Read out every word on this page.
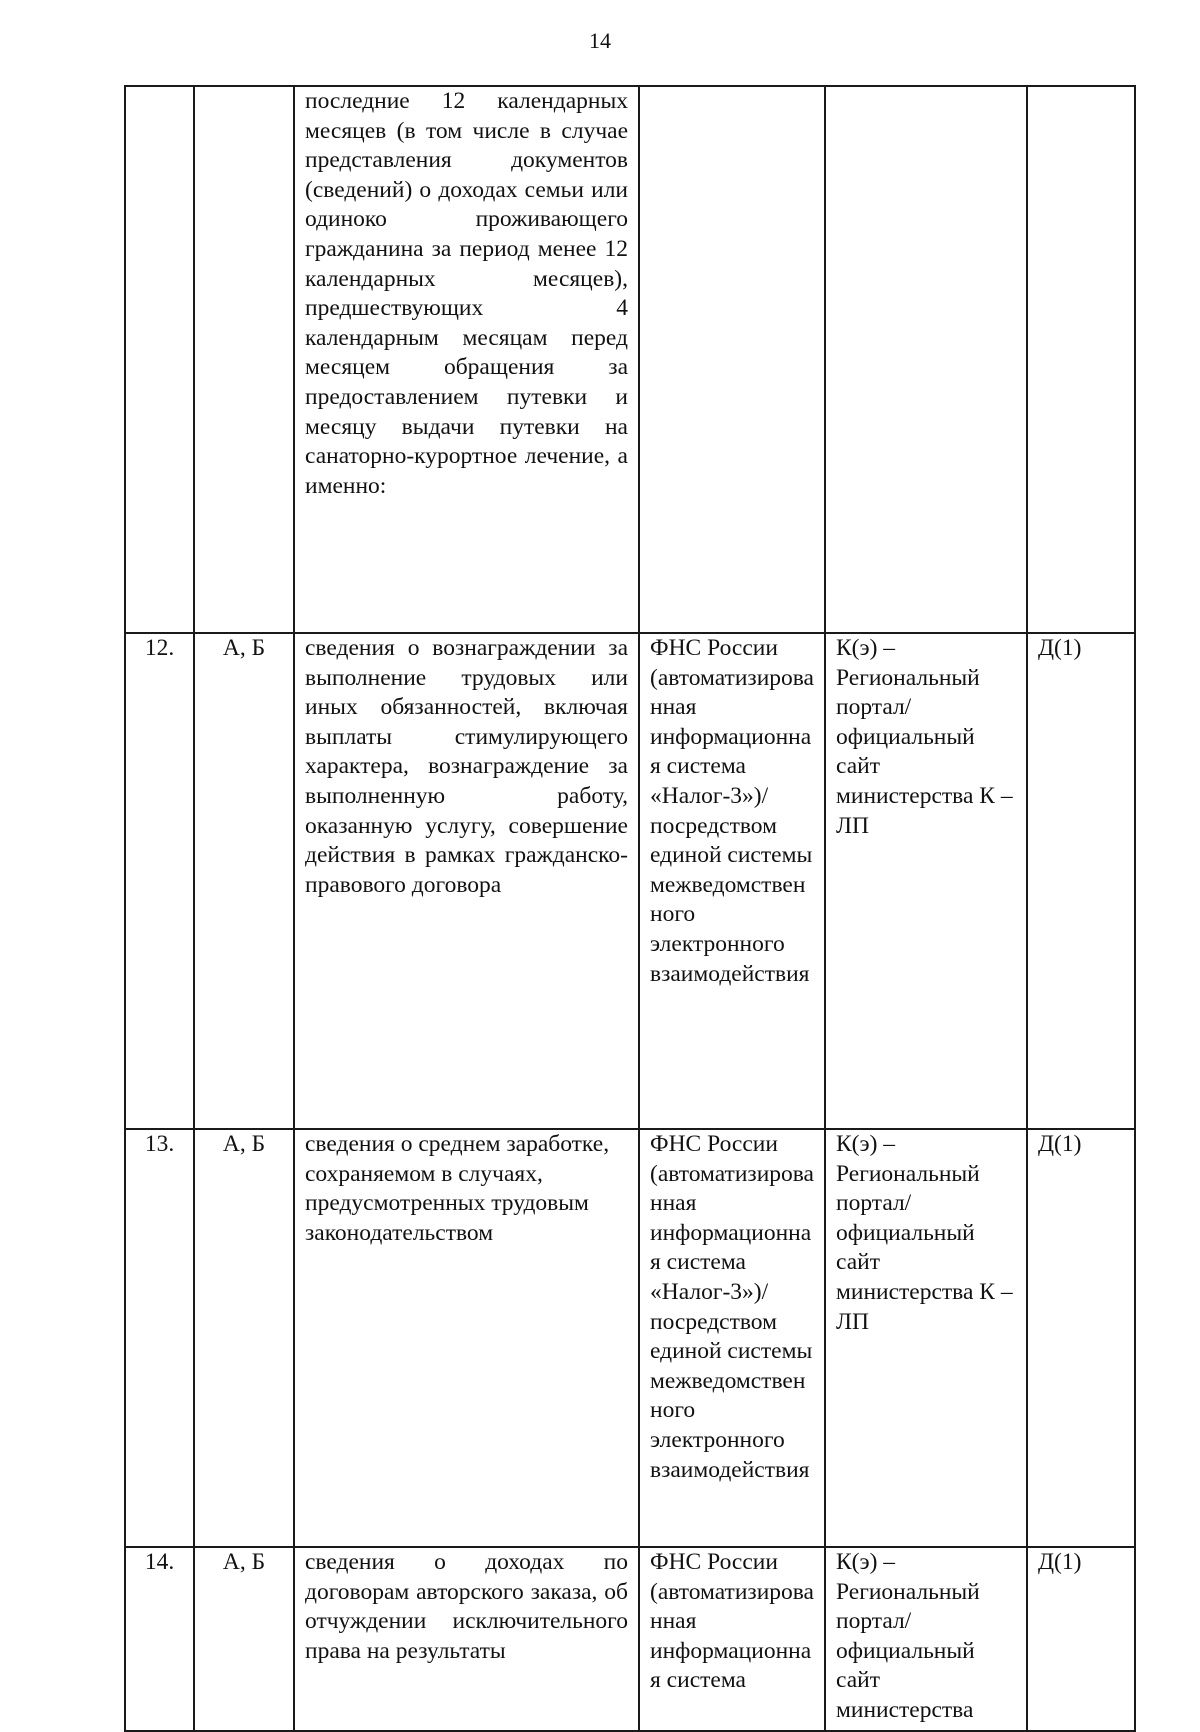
14
		последние 12 календарных месяцев (в том числе в случае представления документов (сведений) о доходах семьи или одиноко проживающего гражданина за период менее 12 календарных месяцев), предшествующих 4 календарным месяцам перед месяцем обращения за предоставлением путевки и месяцу выдачи путевки на санаторно-курортное лечение, а именно:			
12.	А, Б	сведения о вознаграждении за выполнение трудовых или иных обязанностей, включая выплаты стимулирующего характера, вознаграждение за выполненную работу, оказанную услугу, совершение действия в рамках гражданско-правового договора	ФНС России (автоматизированная информационная система «Налог-3»)/посредством единой системы межведомственного электронного взаимодействия	К(э) – Региональный портал/официальный сайт министерства К – ЛП	Д(1)
13.	А, Б	сведения о среднем заработке, сохраняемом в случаях, предусмотренных трудовым законодательством	ФНС России (автоматизированная информационная система «Налог-3»)/посредством единой системы межведомственного электронного взаимодействия	К(э) – Региональный портал/официальный сайт министерства К – ЛП	Д(1)
14.	А, Б	сведения о доходах по договорам авторского заказа, об отчуждении исключительного права на результаты	ФНС России (автоматизированная информационная система	К(э) – Региональный портал/официальный сайт министерства	Д(1)
